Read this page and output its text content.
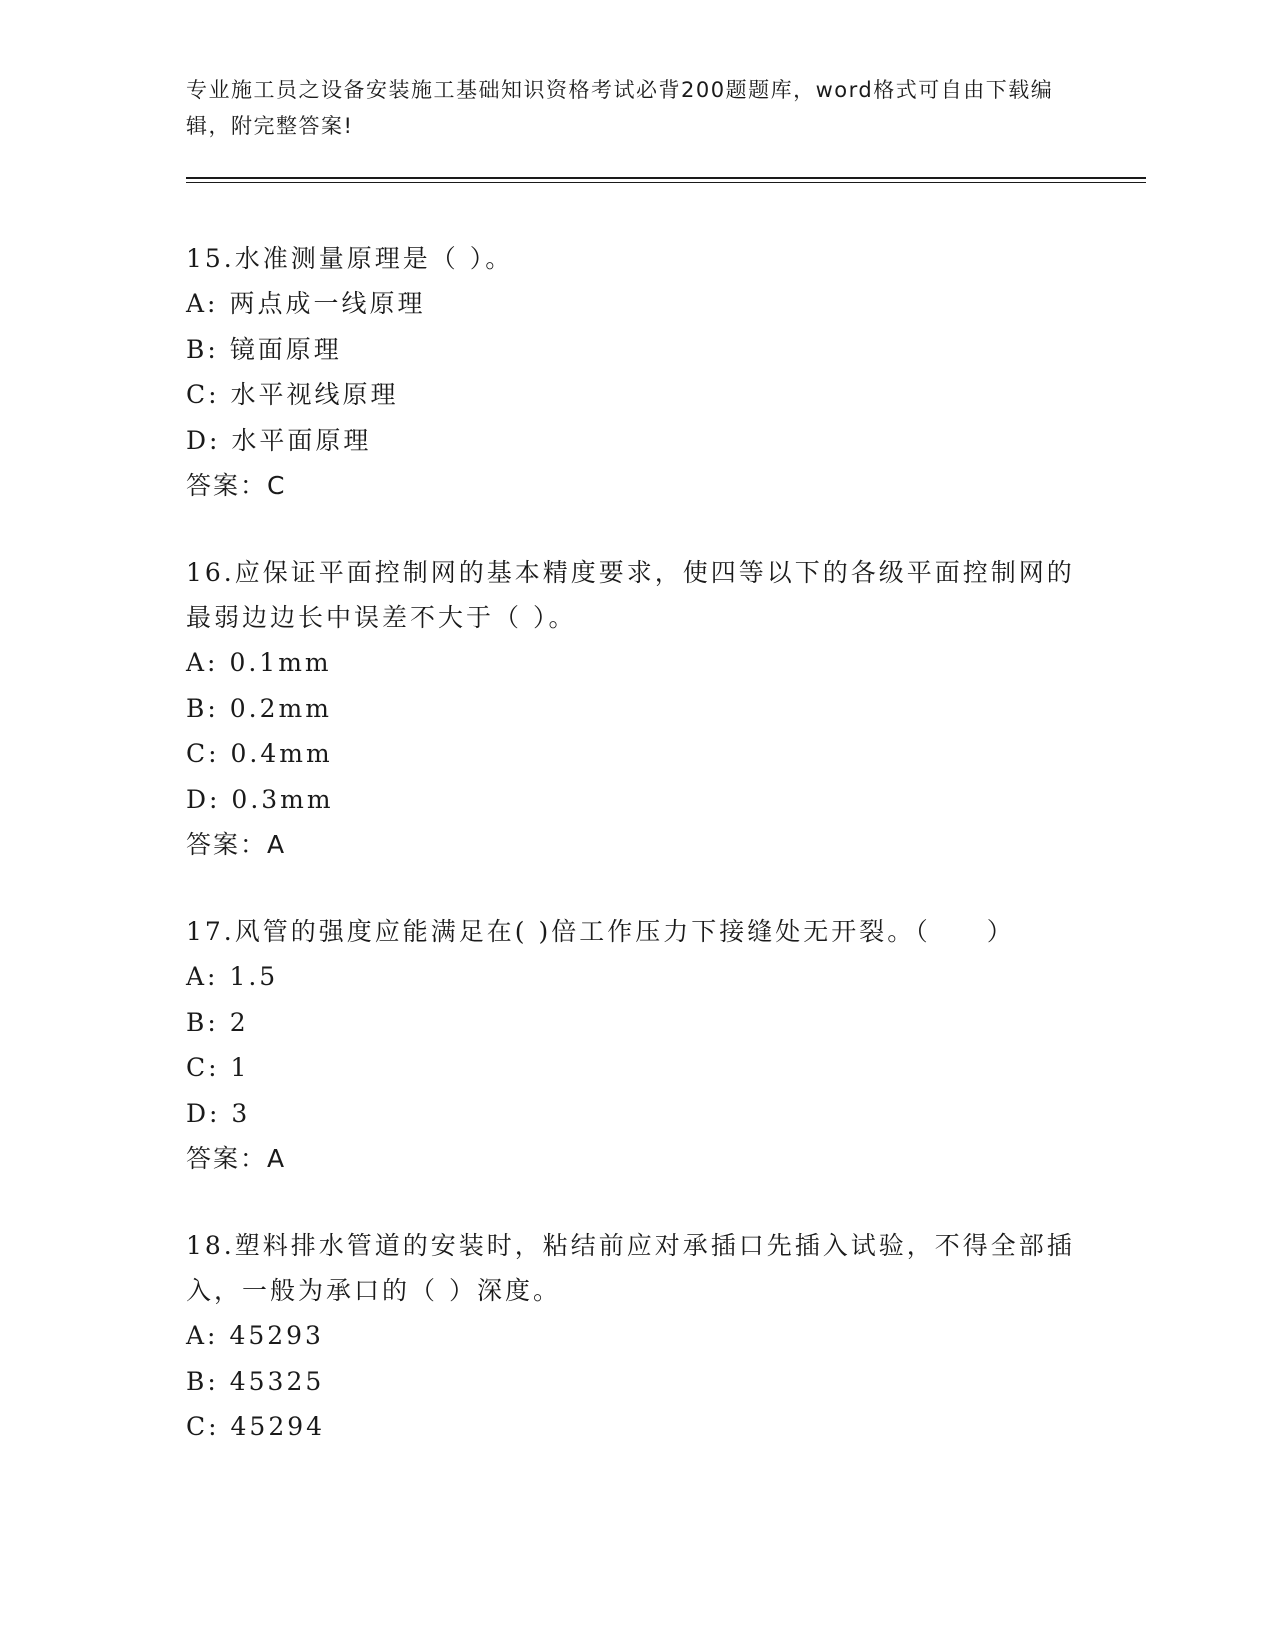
专业施工员之设备安装施工基础知识资格考试必背200题题库，word格式可自由下载编辑，附完整答案!

15.水准测量原理是（ ）。

A: 两点成一线原理
B: 镜面原理
C: 水平视线原理
D: 水平面原理
答案：C

16.应保证平面控制网的基本精度要求，使四等以下的各级平面控制网的最弱边边长中误差不大于（ ）。

A: 0.1mm
B: 0.2mm
C: 0.4mm
D: 0.3mm
答案：A

17.风管的强度应能满足在( )倍工作压力下接缝处无开裂。（　　）

A: 1.5
B: 2
C: 1
D: 3
答案：A

18.塑料排水管道的安装时，粘结前应对承插口先插入试验，不得全部插入，一般为承口的（ ）深度。

A: 45293
B: 45325
C: 45294
